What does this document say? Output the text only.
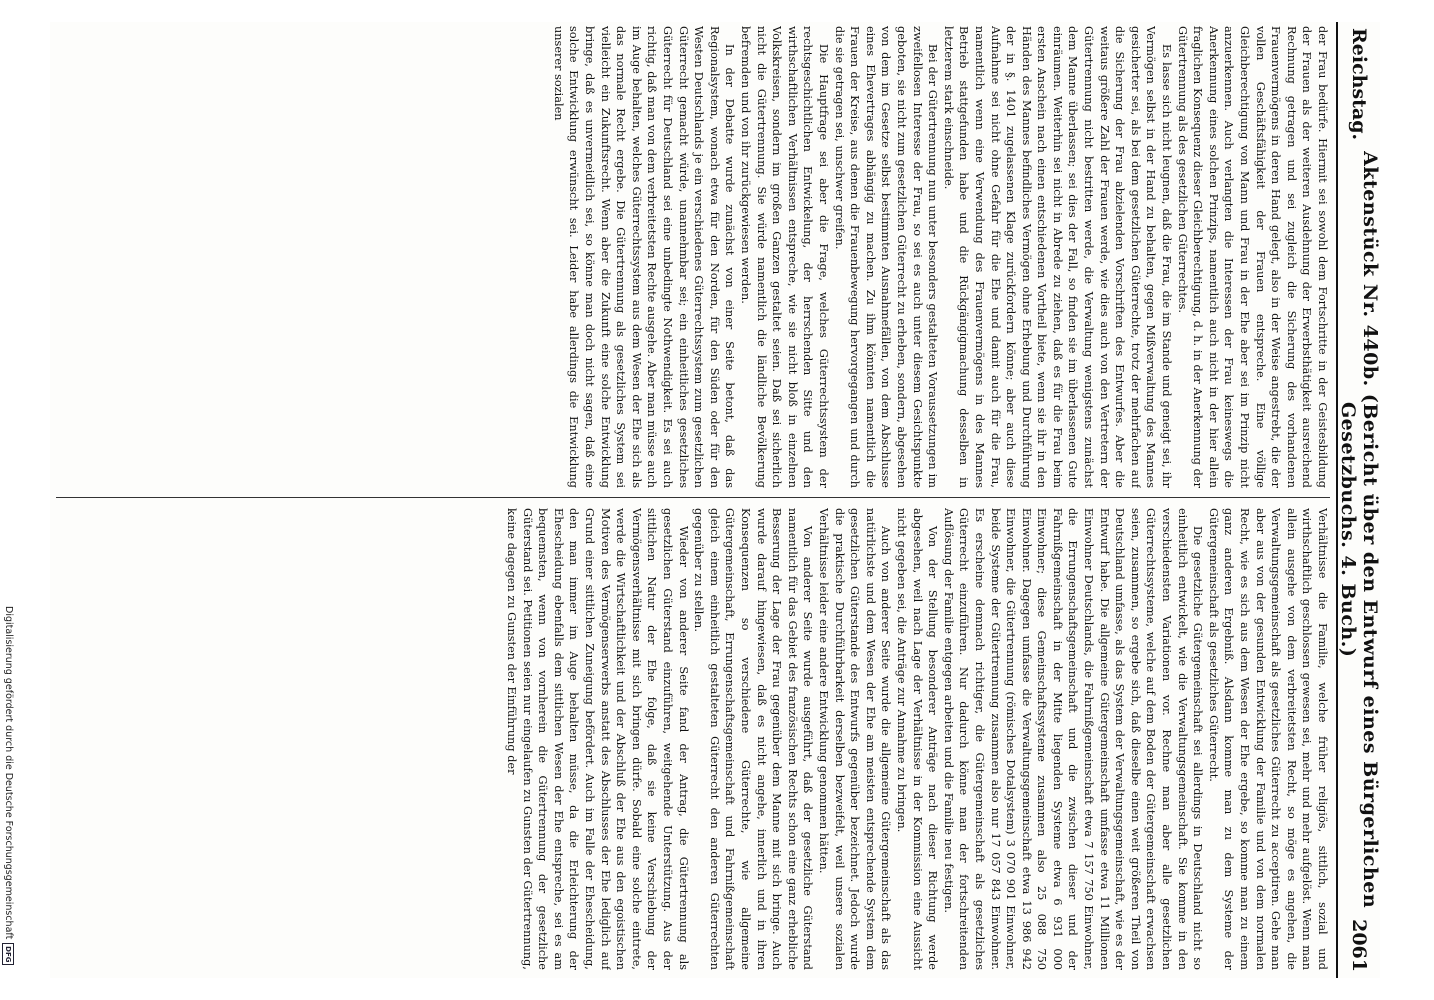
Reichstag.
Aktenstück Nr. 440b. (Bericht über den Entwurf eines Bürgerlichen Gesetzbuchs. 4. Buch.)
2061

der Frau bedürfe. Hiermit sei sowohl dem Fortschritte in der Geistesbildung der Frauen als der weiteren Ausdehnung der Erwerbsthätigkeit ausreichend Rechnung getragen und sei zugleich die Sicherung des vorhandenen Frauenvermögens in deren Hand gelegt, also in der Weise angestrebt, die der vollen Geschäftsfähigkeit der Frauen entspreche. Eine völlige Gleichberechtigung von Mann und Frau in der Ehe aber sei im Prinzip nicht anzuerkennen. Auch verlangten die Interessen der Frau keineswegs die Anerkennung eines solchen Prinzips, namentlich auch nicht in der hier allein fraglichen Konsequenz dieser Gleichberechtigung, d. h. in der Anerkennung der Gütertrennung als des gesetzlichen Güterrechtes.

Es lasse sich nicht leugnen, daß die Frau, die im Stande und geneigt sei, ihr Vermögen selbst in der Hand zu behalten, gegen Mißverwaltung des Mannes gesicherter sei, als bei dem gesetzlichen Güterrechte, trotz der mehrfachen auf die Sicherung der Frau abzielenden Vorschriften des Entwurfes. Aber die weitaus größere Zahl der Frauen werde, wie dies auch von den Vertretern der Gütertrennung nicht bestritten werde, die Verwaltung wenigstens zunächst dem Manne überlassen; sei dies der Fall, so finden sie im überlassenen Gute einräumen. Weiterhin sei nicht in Abrede zu ziehen, daß es für die Frau beim ersten Anschein nach einen entschiedenen Vortheil biete, wenn sie ihr in den Händen des Mannes befindliches Vermögen ohne Erhebung und Durchführung der in §. 1401 zugelassenen Klage zurückfordern könne; aber auch diese Aufnahme sei nicht ohne Gefahr für die Ehe und damit auch für die Frau, namentlich wenn eine Verwendung des Frauenvermögens in des Mannes Betrieb stattgefunden habe und die Rückgängigmachung desselben in letzterem stark einschneide.

Bei der Gütertrennung nun unter besonders gestalteten Voraussetzungen im zweifellosen Interesse der Frau, so sei es auch unter diesem Gesichtspunkte geboten, sie nicht zum gesetzlichen Güterrecht zu erheben, sondern, abgesehen von dem im Gesetze selbst bestimmten Ausnahmefällen, von dem Abschlusse eines Ehevertrages abhängig zu machen. Zu ihm könnten namentlich die Frauen der Kreise, aus denen die Frauenbewegung hervorgegangen und durch die sie getragen sei, unschwer greifen.

Die Hauptfrage sei aber die Frage, welches Güterrechtssystem der rechtsgeschichtlichen Entwickelung, der herrschenden Sitte und den wirthschaftlichen Verhältnissen entspreche, wie sie nicht bloß in einzelnen Volkskreisen, sondern im großen Ganzen gestaltet seien. Daß sei sicherlich nicht die Gütertrennung. Sie würde namentlich die ländliche Bevölkerung befremden und von ihr zurückgewiesen werden.

In der Debatte wurde zunächst von einer Seite betont, daß das Regionalsystem, wonach etwa für den Norden, für den Süden oder für den Westen Deutschlands je ein verschiedenes Güterrechtssystem zum gesetzlichen Güterrecht gemacht würde, unannehmbar sei; ein einheitliches gesetzliches Güterrecht für Deutschland sei eine unbedingte Nothwendigkeit. Es sei auch richtig, daß man von dem verbreitetsten Rechte ausgehe. Aber man müsse auch im Auge behalten, welches Güterrechtssystem aus dem Wesen der Ehe sich als das normale Recht ergebe. Die Gütertrennung als gesetzliches System sei vielleicht ein Zukunftsrecht. Wenn aber die Zukunft eine solche Entwicklung bringe, daß es unvermeidlich sei, so könne man doch nicht sagen, daß eine solche Entwicklung erwünscht sei. Leider habe allerdings die Entwicklung unserer sozialen

Verhältnisse die Familie, welche früher religiös, sittlich, sozial und wirthschaftlich geschlossen gewesen sei, mehr und mehr aufgelöst. Wenn man allein ausgehe von dem verbreitetsten Recht, so möge es angehen, die Verwaltungsgemeinschaft als gesetzliches Güterrecht zu acceptiren. Gehe man aber aus von der gesunden Entwicklung der Familie und von dem normalen Recht, wie es sich aus dem Wesen der Ehe ergebe, so komme man zu einem ganz anderen Ergebniß. Alsdann komme man zu dem Systeme der Gütergemeinschaft als gesetzliches Güterrecht.

Die gesetzliche Gütergemeinschaft sei allerdings in Deutschland nicht so einheitlich entwickelt, wie die Verwaltungsgemeinschaft. Sie komme in den verschiedensten Variationen vor. Rechne man aber alle gesetzlichen Güterrechtssysteme, welche auf dem Boden der Gütergemeinschaft erwachsen seien, zusammen, so ergebe sich, daß dieselbe einen weit größeren Theil von Deutschland umfasse, als das System der Verwaltungsgemeinschaft, wie es der Entwurf habe. Die allgemeine Gütergemeinschaft umfasse etwa 11 Millionen Einwohner Deutschlands, die Fahrnißgemeinschaft etwa 7 157 750 Einwohner, die Errungenschaftsgemeinschaft und die zwischen dieser und der Fahrnißgemeinschaft in der Mitte liegenden Systeme etwa 6 931 000 Einwohner; diese Gemeinschaftssysteme zusammen also 25 088 750 Einwohner. Dagegen umfasse die Verwaltungsgemeinschaft etwa 13 986 942 Einwohner, die Gütertrennung (römisches Dotalsystem) 3 070 901 Einwohner, beide Systeme der Gütertrennung zusammen also nur 17 057 843 Einwohner. Es erscheine demnach richtiger, die Gütergemeinschaft als gesetzliches Güterrecht einzuführen. Nur dadurch könne man der fortschreitenden Auflösung der Familie entgegen arbeiten und die Familie neu festigen.

Von der Stellung besonderer Anträge nach dieser Richtung werde abgesehen, weil nach Lage der Verhältnisse in der Kommission eine Aussicht nicht gegeben sei, die Anträge zur Annahme zu bringen.

Auch von anderer Seite wurde die allgemeine Gütergemeinschaft als das natürlichste und dem Wesen der Ehe am meisten entsprechende System dem gesetzlichen Güterstande des Entwurfs gegenüber bezeichnet. Jedoch wurde die praktische Durchführbarkeit derselben bezweifelt, weil unsere sozialen Verhältnisse leider eine andere Entwicklung genommen hätten.

Von anderer Seite wurde ausgeführt, daß der gesetzliche Güterstand namentlich für das Gebiet des französischen Rechts schon eine ganz erhebliche Besserung der Lage der Frau gegenüber dem Manne mit sich bringe. Auch wurde darauf hingewiesen, daß es nicht angehe, innerlich und in ihren Konsequenzen so verschiedene Güterrechte, wie allgemeine Gütergemeinschaft, Errungenschaftsgemeinschaft und Fahrnißgemeinschaft gleich einem einheitlich gestalteten Güterrecht den anderen Güterrechten gegenüber zu stellen.

Wieder von anderer Seite fand der Antrag, die Gütertrennung als gesetzlichen Güterstand einzuführen, weitgehende Unterstützung. Aus der sittlichen Natur der Ehe folge, daß sie keine Verschiebung der Vermögensverhältnisse mit sich bringen dürfe. Sobald eine solche eintrete, werde die Wirtschaftlichkeit und der Abschluß der Ehe aus den egoistischen Motiven des Vermögenserwerbs anstatt des Abschlusses der Ehe lediglich auf Grund einer sittlichen Zuneigung befördert. Auch im Falle der Ehescheidung, den man immer im Auge behalten müsse, da die Erleichterung der Ehescheidung ebenfalls dem sittlichen Wesen der Ehe entspreche, sei es am bequemsten, wenn von vornherein die Gütertrennung der gesetzliche Güterstand sei. Petitionen seien nur eingelaufen zu Gunsten der Gütertrennung, keine dagegen zu Gunsten der Einführung der

Digitalisierung gefördert durch die Deutsche Forschungsgemeinschaft
DFG
